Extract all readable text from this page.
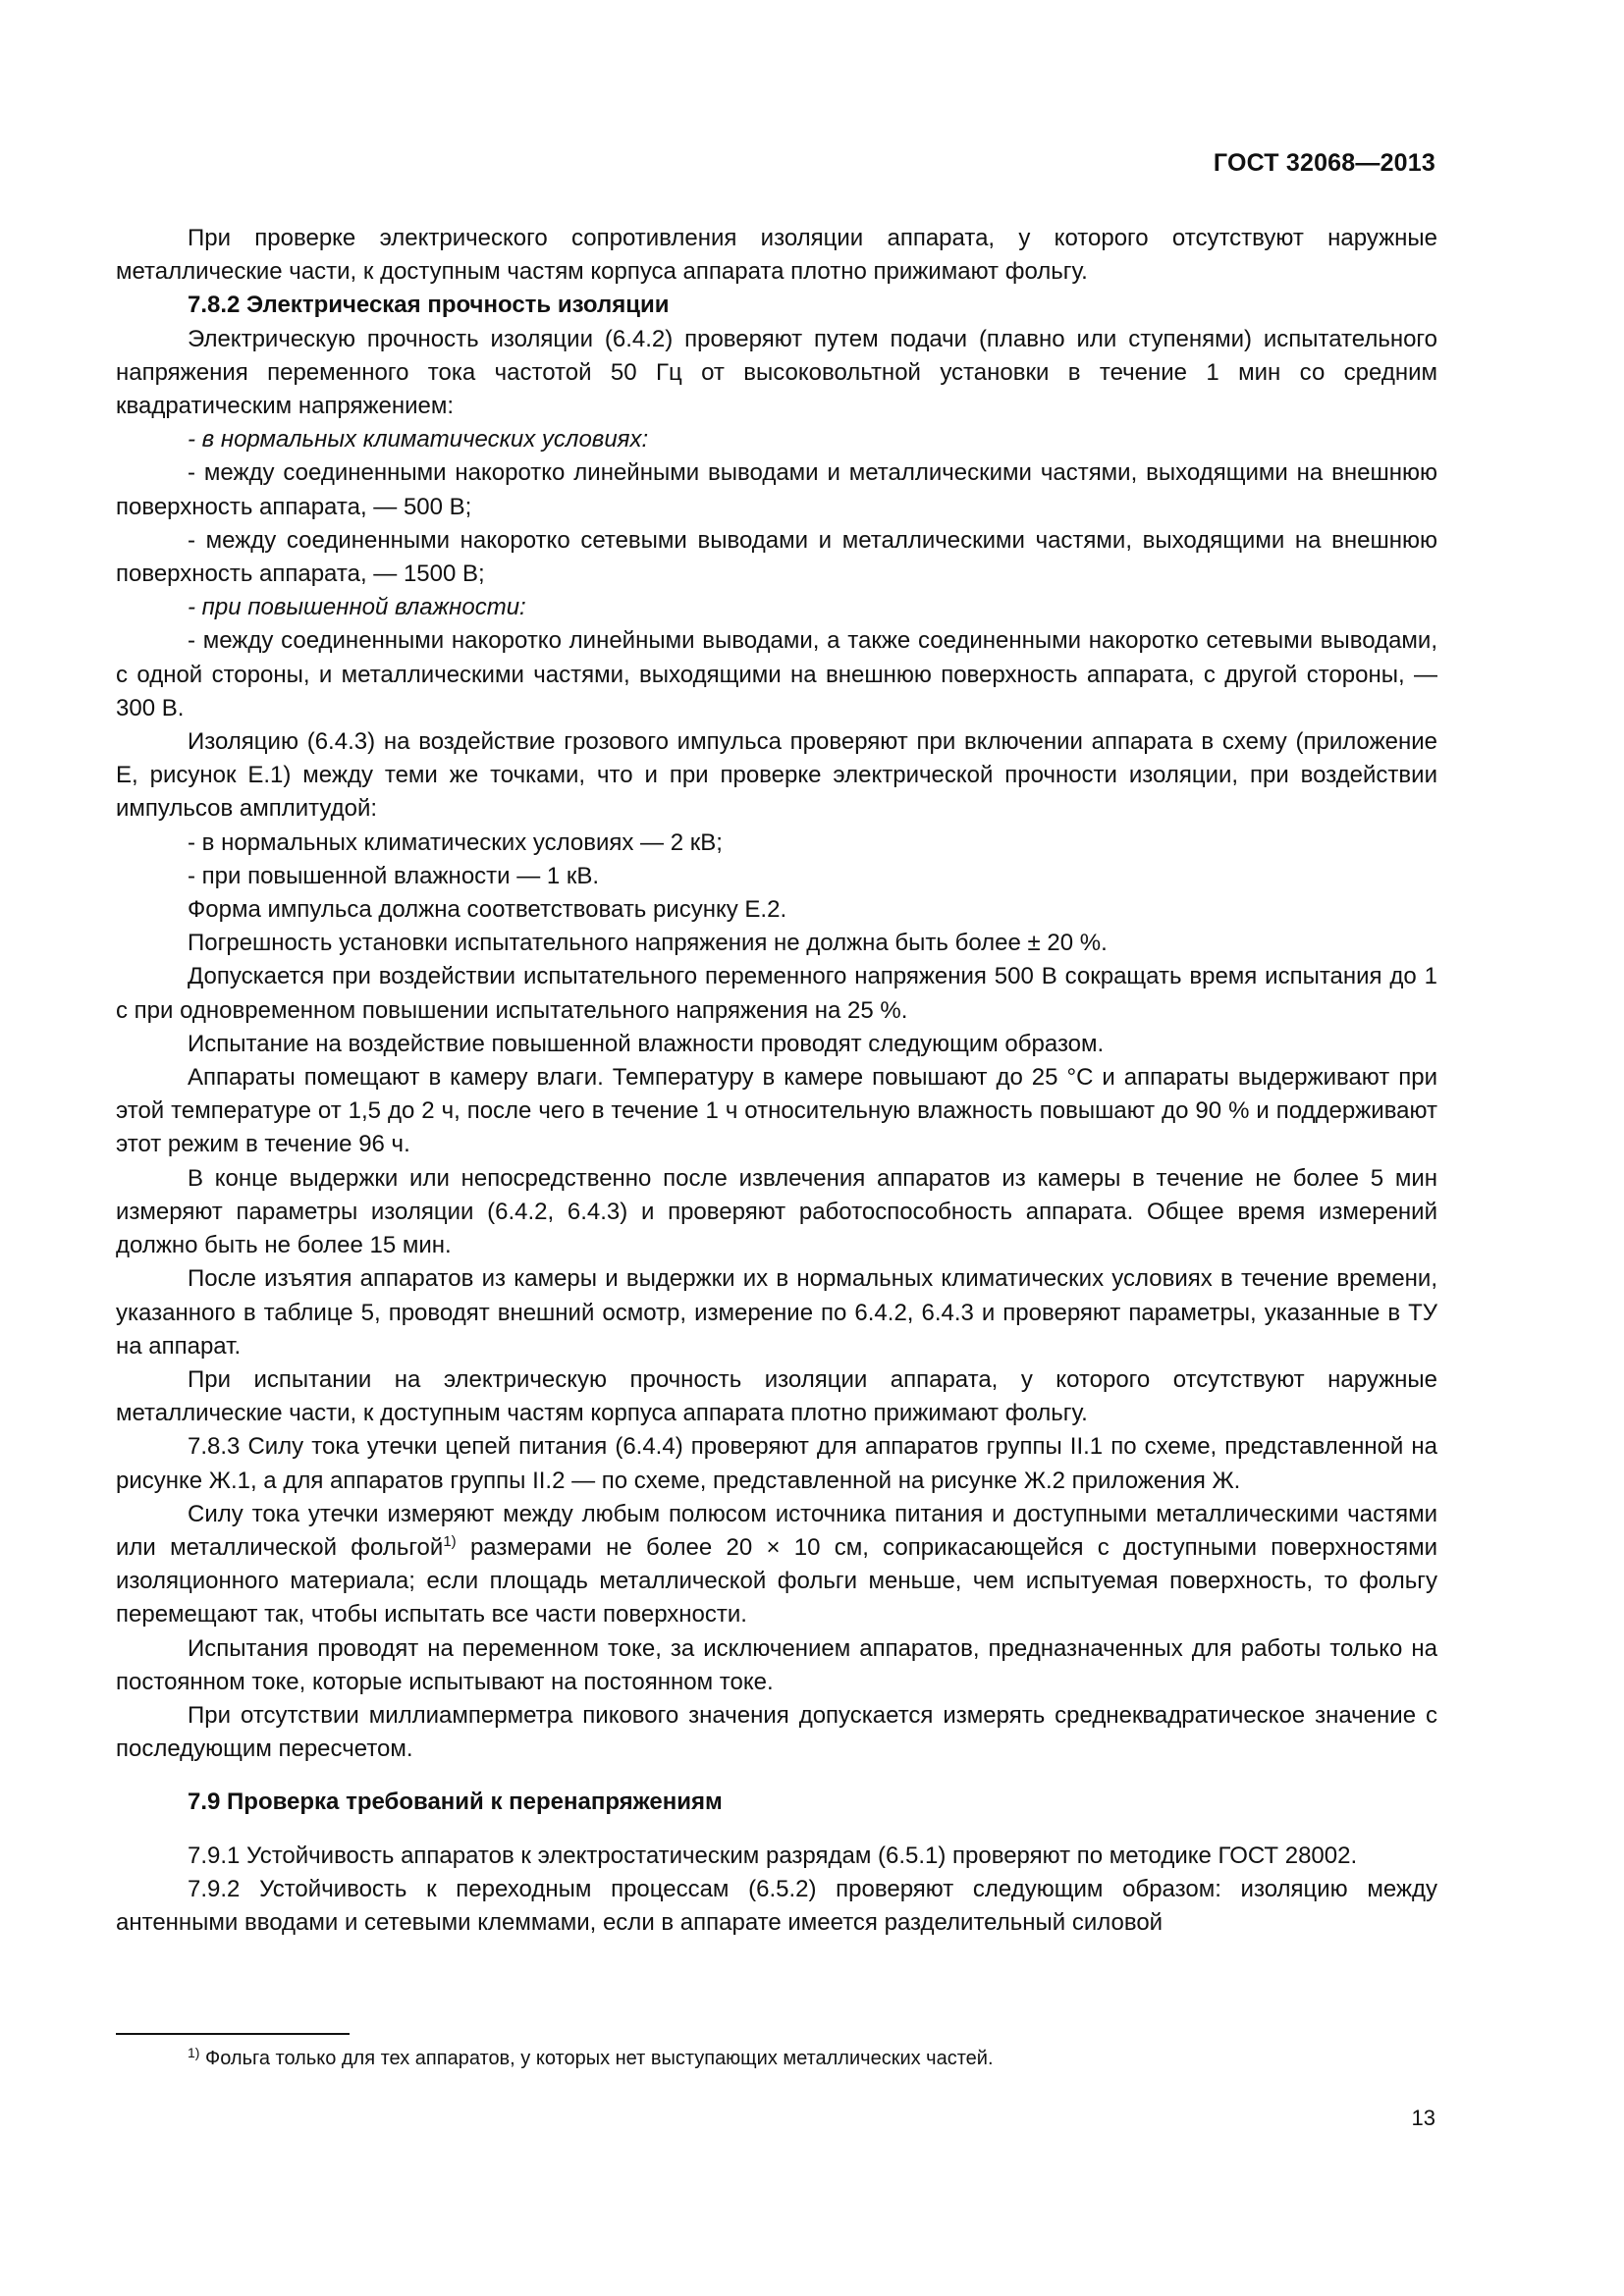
ГОСТ 32068—2013

При проверке электрического сопротивления изоляции аппарата, у которого отсутствуют наружные металлические части, к доступным частям корпуса аппарата плотно прижимают фольгу.

7.8.2 Электрическая прочность изоляции

Электрическую прочность изоляции (6.4.2) проверяют путем подачи (плавно или ступенями) испытательного напряжения переменного тока частотой 50 Гц от высоковольтной установки в течение 1 мин со средним квадратическим напряжением:

- в нормальных климатических условиях:

- между соединенными накоротко линейными выводами и металлическими частями, выходящими на внешнюю поверхность аппарата, — 500 В;

- между соединенными накоротко сетевыми выводами и металлическими частями, выходящими на внешнюю поверхность аппарата, — 1500 В;

- при повышенной влажности:

- между соединенными накоротко линейными выводами, а также соединенными накоротко сетевыми выводами, с одной стороны, и металлическими частями, выходящими на внешнюю поверхность аппарата, с другой стороны, — 300 В.

Изоляцию (6.4.3) на воздействие грозового импульса проверяют при включении аппарата в схему (приложение Е, рисунок Е.1) между теми же точками, что и при проверке электрической прочности изоляции, при воздействии импульсов амплитудой:

- в нормальных климатических условиях — 2 кВ;

- при повышенной влажности — 1 кВ.

Форма импульса должна соответствовать рисунку Е.2.

Погрешность установки испытательного напряжения не должна быть более ± 20 %.

Допускается при воздействии испытательного переменного напряжения 500 В сокращать время испытания до 1 с при одновременном повышении испытательного напряжения на 25 %.

Испытание на воздействие повышенной влажности проводят следующим образом.

Аппараты помещают в камеру влаги. Температуру в камере повышают до 25 °С и аппараты выдерживают при этой температуре от 1,5 до 2 ч, после чего в течение 1 ч относительную влажность повышают до 90 % и поддерживают этот режим в течение 96 ч.

В конце выдержки или непосредственно после извлечения аппаратов из камеры в течение не более 5 мин измеряют параметры изоляции (6.4.2, 6.4.3) и проверяют работоспособность аппарата. Общее время измерений должно быть не более 15 мин.

После изъятия аппаратов из камеры и выдержки их в нормальных климатических условиях в течение времени, указанного в таблице 5, проводят внешний осмотр, измерение по 6.4.2, 6.4.3 и проверяют параметры, указанные в ТУ на аппарат.

При испытании на электрическую прочность изоляции аппарата, у которого отсутствуют наружные металлические части, к доступным частям корпуса аппарата плотно прижимают фольгу.

7.8.3 Силу тока утечки цепей питания (6.4.4) проверяют для аппаратов группы II.1 по схеме, представленной на рисунке Ж.1, а для аппаратов группы II.2 — по схеме, представленной на рисунке Ж.2 приложения Ж.

Силу тока утечки измеряют между любым полюсом источника питания и доступными металлическими частями или металлической фольгой$^{1)}$ размерами не более 20 × 10 см, соприкасающейся с доступными поверхностями изоляционного материала; если площадь металлической фольги меньше, чем испытуемая поверхность, то фольгу перемещают так, чтобы испытать все части поверхности.

Испытания проводят на переменном токе, за исключением аппаратов, предназначенных для работы только на постоянном токе, которые испытывают на постоянном токе.

При отсутствии миллиамперметра пикового значения допускается измерять среднеквадратическое значение с последующим пересчетом.

7.9 Проверка требований к перенапряжениям

7.9.1 Устойчивость аппаратов к электростатическим разрядам (6.5.1) проверяют по методике ГОСТ 28002.

7.9.2 Устойчивость к переходным процессам (6.5.2) проверяют следующим образом: изоляцию между антенными вводами и сетевыми клеммами, если в аппарате имеется разделительный силовой

$^{1)}$ Фольга только для тех аппаратов, у которых нет выступающих металлических частей.
13
